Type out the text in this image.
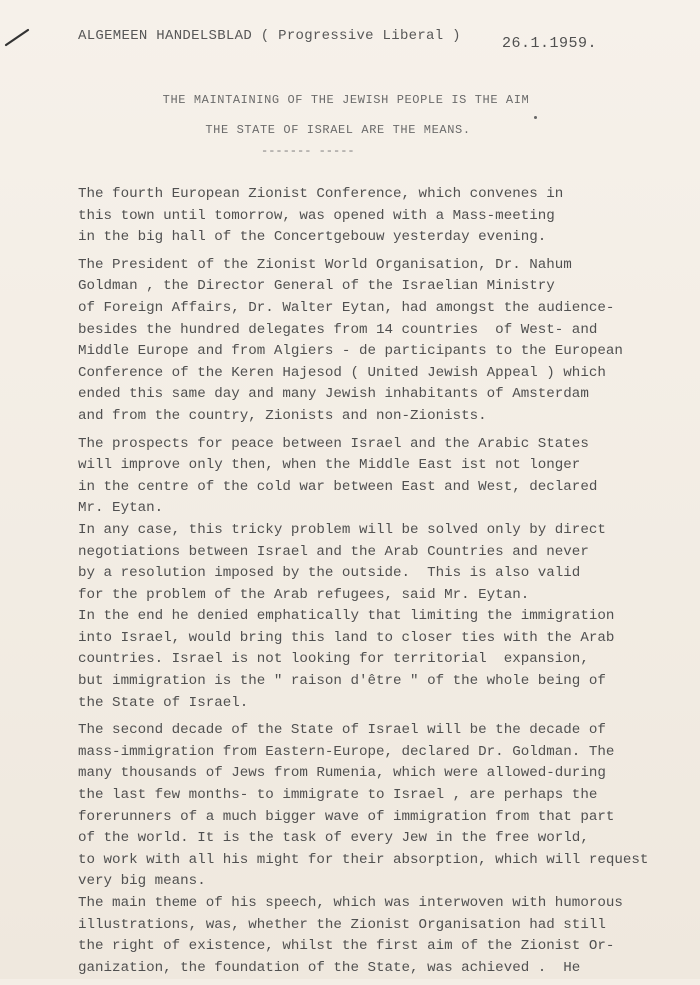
ALGEMEEN HANDELSBLAD ( Progressive Liberal )	26.1.1959.
THE MAINTAINING OF THE JEWISH PEOPLE IS THE AIM
THE STATE OF ISRAEL ARE THE MEANS.
------- -----
The fourth European Zionist Conference, which convenes in
this town until tomorrow, was opened with a Mass-meeting
in the big hall of the Concertgebouw yesterday evening.
The President of the Zionist World Organisation, Dr. Nahum
Goldman , the Director General of the Israelian Ministry
of Foreign Affairs, Dr. Walter Eytan, had amongst the audience-
besides the hundred delegates from 14 countries  of West- and
Middle Europe and from Algiers - de participants to the European
Conference of the Keren Hajesod ( United Jewish Appeal ) which
ended this same day and many Jewish inhabitants of Amsterdam
and from the country, Zionists and non-Zionists.
The prospects for peace between Israel and the Arabic States
will improve only then, when the Middle East ist not longer
in the centre of the cold war between East and West, declared
Mr. Eytan.
In any case, this tricky problem will be solved only by direct
negotiations between Israel and the Arab Countries and never
by a resolution imposed by the outside.  This is also valid
for the problem of the Arab refugees, said Mr. Eytan.
In the end he denied emphatically that limiting the immigration
into Israel, would bring this land to closer ties with the Arab
countries. Israel is not looking for territorial  expansion,
but immigration is the " raison d'être " of the whole being of
the State of Israel.
The second decade of the State of Israel will be the decade of
mass-immigration from Eastern-Europe, declared Dr. Goldman. The
many thousands of Jews from Rumenia, which were allowed-during
the last few months- to immigrate to Israel , are perhaps the
forerunners of a much bigger wave of immigration from that part
of the world. It is the task of every Jew in the free world,
to work with all his might for their absorption, which will request
very big means.
The main theme of his speech, which was interwoven with humorous
illustrations, was, whether the Zionist Organisation had still
the right of existence, whilst the first aim of the Zionist Or-
ganization, the foundation of the State, was achieved .  He
